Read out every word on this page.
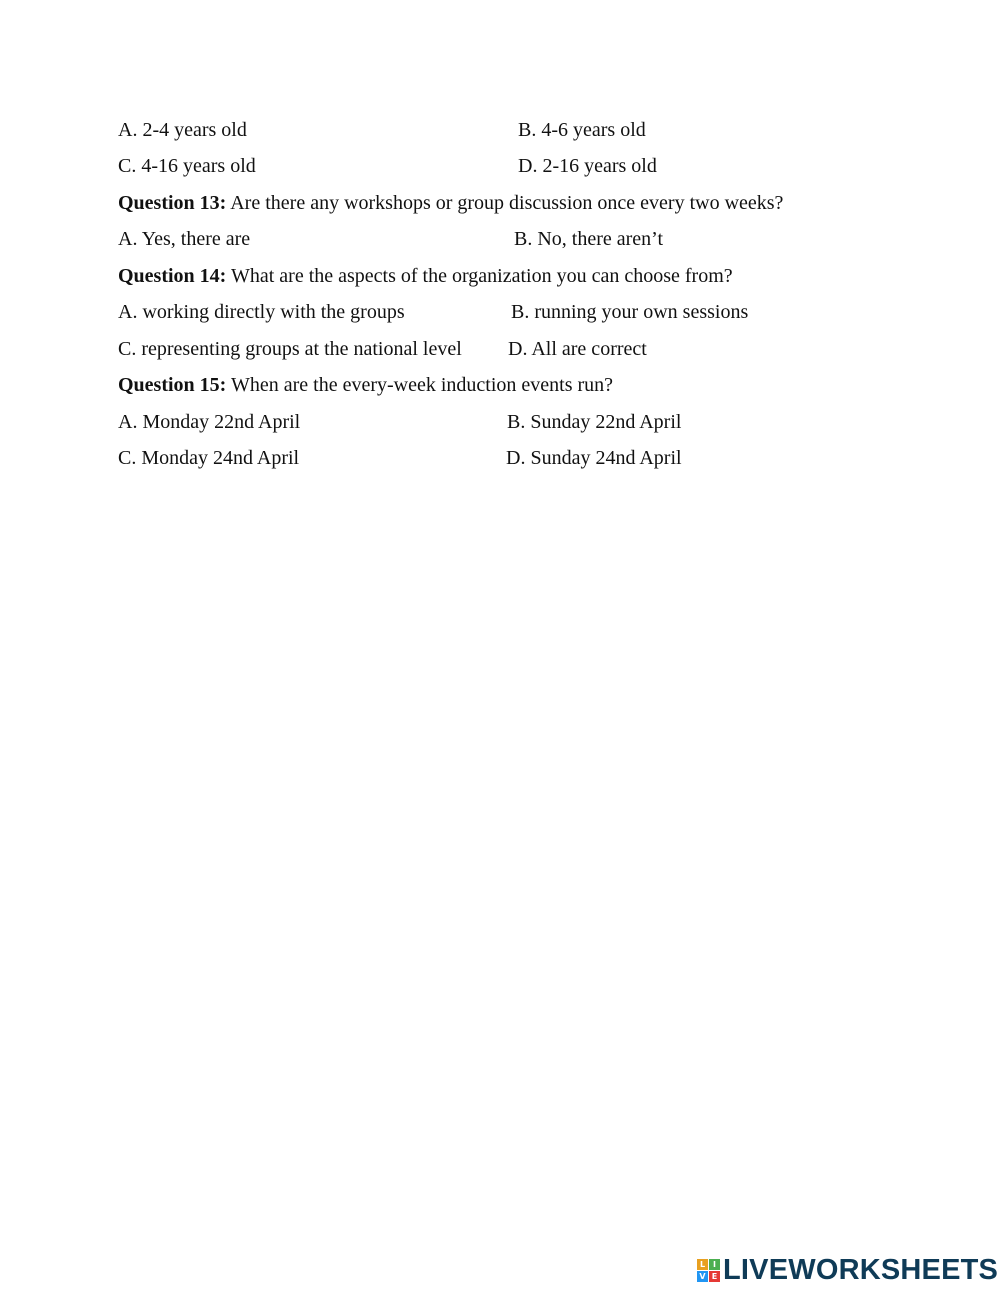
A. 2-4 years old	B. 4-6 years old
C. 4-16 years old	D. 2-16 years old
Question 13: Are there any workshops or group discussion once every two weeks?
A. Yes, there are	B. No, there aren’t
Question 14: What are the aspects of the organization you can choose from?
A. working directly with the groups	B. running your own sessions
C. representing groups at the national level D. All are correct
Question 15: When are the every-week induction events run?
A. Monday 22nd April	B. Sunday 22nd April
C. Monday 24nd April	D. Sunday 24nd April
L I
V E LIVEWORKSHEETS
